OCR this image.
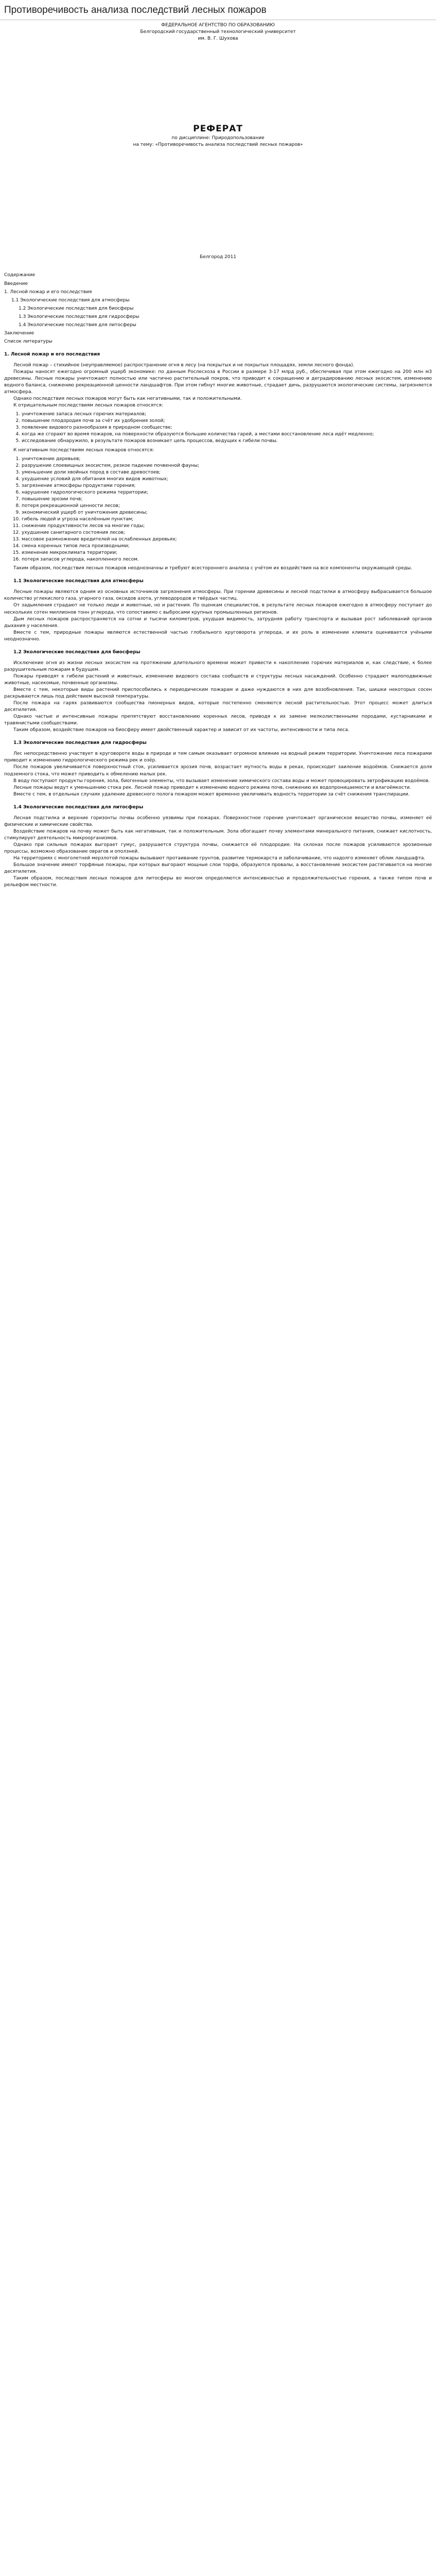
Противоречивость анализа последствий лесных пожаров
ФЕДЕРАЛЬНОЕ АГЕНТСТВО ПО ОБРАЗОВАНИЮ
Белгородский государственный технологический университет
им. В. Г. Шухова
РЕФЕРАТ
по дисциплине: Природопользование
на тему: «Противоречивость анализа последствий лесных пожаров»
Белгород 2011
Содержание
Введение
1. Лесной пожар и его последствия
1.1 Экологические последствия для атмосферы
1.2 Экологические последствия для биосферы
1.3 Экологические последствия для гидросферы
1.4 Экологические последствия для литосферы
Заключение
Список литературы
1. Лесной пожар и его последствия

Лесной пожар – стихийное (неуправляемое) распространение огня в лесу (на покрытых и не покрытых площадях, земли лесного фонда).

Пожары наносят ежегодно огромный ущерб экономике: по данным Рослесхоза в России в размере 3-17 млрд руб., обеспечивая при этом ежегодно на 200 млн м3 древесины. Лесные пожары уничтожают полностью или частично растительный покров, что приводит к сокращению и деградированию лесных экосистем, изменению водного баланса, снижению рекреационной ценности ландшафтов. При этом гибнут многие животные, страдает дичь, разрушаются экологические системы, загрязняется атмосфера.

Однако последствия лесных пожаров могут быть как негативными, так и положительными.

К отрицательным последствиям лесных пожаров относятся:

1. уничтожение запаса лесных горючих материалов;
2. повышение плодородия почв за счёт их удобрения золой;
3. появление видового разнообразия в природном сообществе;
4. когда же сгорают во время пожаров, на поверхности образуются большие количества гарей, а местами восстановление леса идёт медленно;
5. исследование обнаружило, в результате пожаров возникает цепь процессов, ведущих к гибели почвы.

К негативным последствиям лесных пожаров относятся:

1. уничтожение деревьев;
2. разрушение слоевищных экосистем, резкое падение почвенной фауны;
3. уменьшение доли хвойных пород в составе древостоев;
4. ухудшение условий для обитания многих видов животных;
5. загрязнение атмосферы продуктами горения;
6. нарушение гидрологического режима территории;
7. повышение эрозии почв;
8. потеря рекреационной ценности лесов;
9. экономический ущерб от уничтожения древесины;
10. гибель людей и угроза населённым пунктам;
11. снижение продуктивности лесов на многие годы;
12. ухудшение санитарного состояния лесов;
13. массовое размножение вредителей на ослабленных деревьях;
14. смена коренных типов леса производными;
15. изменение микроклимата территории;
16. потеря запасов углерода, накопленного лесом.

Таким образом, последствия лесных пожаров неоднозначны и требуют всестороннего анализа с учётом их воздействия на все компоненты окружающей среды.

1.1 Экологические последствия для атмосферы

Лесные пожары являются одним из основных источников загрязнения атмосферы. При горении древесины и лесной подстилки в атмосферу выбрасывается большое количество углекислого газа, угарного газа, оксидов азота, углеводородов и твёрдых частиц.

От задымления страдают не только люди и животные, но и растения. По оценкам специалистов, в результате лесных пожаров ежегодно в атмосферу поступает до нескольких сотен миллионов тонн углерода, что сопоставимо с выбросами крупных промышленных регионов.

Дым лесных пожаров распространяется на сотни и тысячи километров, ухудшая видимость, затрудняя работу транспорта и вызывая рост заболеваний органов дыхания у населения.

Вместе с тем, природные пожары являются естественной частью глобального круговорота углерода, и их роль в изменении климата оценивается учёными неоднозначно.

1.2 Экологические последствия для биосферы

Исключение огня из жизни лесных экосистем на протяжении длительного времени может привести к накоплению горючих материалов и, как следствие, к более разрушительным пожарам в будущем.

Пожары приводят к гибели растений и животных, изменению видового состава сообществ и структуры лесных насаждений. Особенно страдают малоподвижные животные, насекомые, почвенные организмы.

Вместе с тем, некоторые виды растений приспособились к периодическим пожарам и даже нуждаются в них для возобновления. Так, шишки некоторых сосен раскрываются лишь под действием высокой температуры.

После пожара на гарях развиваются сообщества пионерных видов, которые постепенно сменяются лесной растительностью. Этот процесс может длиться десятилетия.

Однако частые и интенсивные пожары препятствуют восстановлению коренных лесов, приводя к их замене мелколиственными породами, кустарниками и травянистыми сообществами.

Таким образом, воздействие пожаров на биосферу имеет двойственный характер и зависит от их частоты, интенсивности и типа леса.

1.3 Экологические последствия для гидросферы

Лес непосредственно участвует в круговороте воды в природе и тем самым оказывает огромное влияние на водный режим территории. Уничтожение леса пожарами приводит к изменению гидрологического режима рек и озёр.

После пожаров увеличивается поверхностный сток, усиливается эрозия почв, возрастает мутность воды в реках, происходит заиление водоёмов. Снижается доля подземного стока, что может приводить к обмелению малых рек.

В воду поступают продукты горения, зола, биогенные элементы, что вызывает изменение химического состава воды и может провоцировать эвтрофикацию водоёмов.

Лесные пожары ведут к уменьшению стока рек. Лесной пожар приводит к изменению водного режима почв, снижению их водопроницаемости и влагоёмкости.

Вместе с тем, в отдельных случаях удаление древесного полога пожаром может временно увеличивать водность территории за счёт снижения транспирации.

1.4 Экологические последствия для литосферы

Лесная подстилка и верхние горизонты почвы особенно уязвимы при пожарах. Поверхностное горение уничтожает органическое вещество почвы, изменяет её физические и химические свойства.

Воздействие пожаров на почву может быть как негативным, так и положительным. Зола обогащает почву элементами минерального питания, снижает кислотность, стимулирует деятельность микроорганизмов.

Однако при сильных пожарах выгорает гумус, разрушается структура почвы, снижается её плодородие. На склонах после пожаров усиливаются эрозионные процессы, возможно образование оврагов и оползней.

На территориях с многолетней мерзлотой пожары вызывают протаивание грунтов, развитие термокарста и заболачивание, что надолго изменяет облик ландшафта.

Большое значение имеют торфяные пожары, при которых выгорают мощные слои торфа, образуются провалы, а восстановление экосистем растягивается на многие десятилетия.

Таким образом, последствия лесных пожаров для литосферы во многом определяются интенсивностью и продолжительностью горения, а также типом почв и рельефом местности.
